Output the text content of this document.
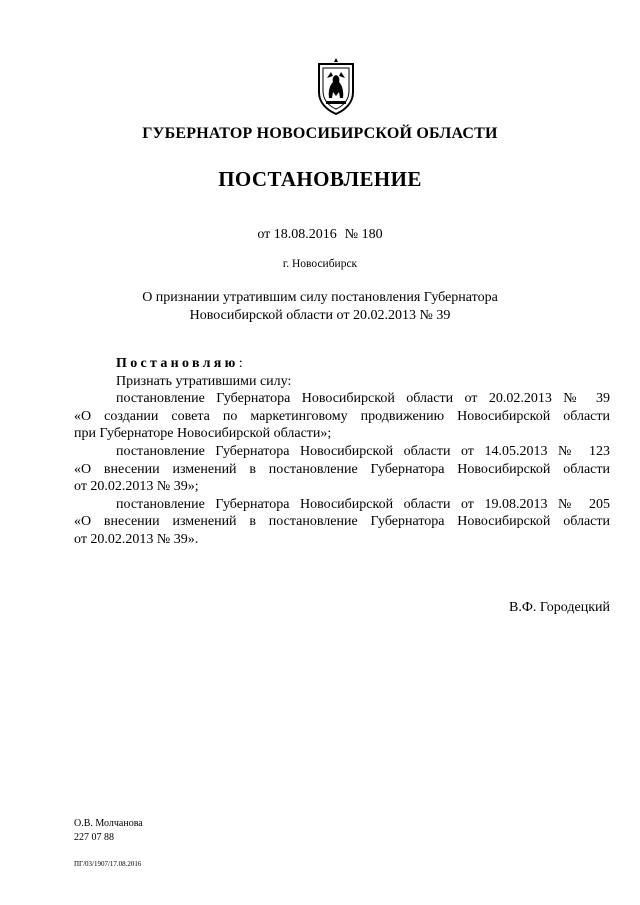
ГУБЕРНАТОР НОВОСИБИРСКОЙ ОБЛАСТИ
ПОСТАНОВЛЕНИЕ
от 18.08.2016 № 180
г. Новосибирск
О признании утратившим силу постановления Губернатора
Новосибирской области от 20.02.2013 № 39

Постановляю:

Признать утратившими силу:

постановление Губернатора Новосибирской области от 20.02.2013 № 39

«О создании совета по маркетинговому продвижению Новосибирской области

при Губернаторе Новосибирской области»;

постановление Губернатора Новосибирской области от 14.05.2013 № 123

«О внесении изменений в постановление Губернатора Новосибирской области

от 20.02.2013 № 39»;

постановление Губернатора Новосибирской области от 19.08.2013 № 205

«О внесении изменений в постановление Губернатора Новосибирской области

от 20.02.2013 № 39».

В.Ф. Городецкий
О.В. Молчанова
227 07 88
ПГ/03/1907/17.08.2016
